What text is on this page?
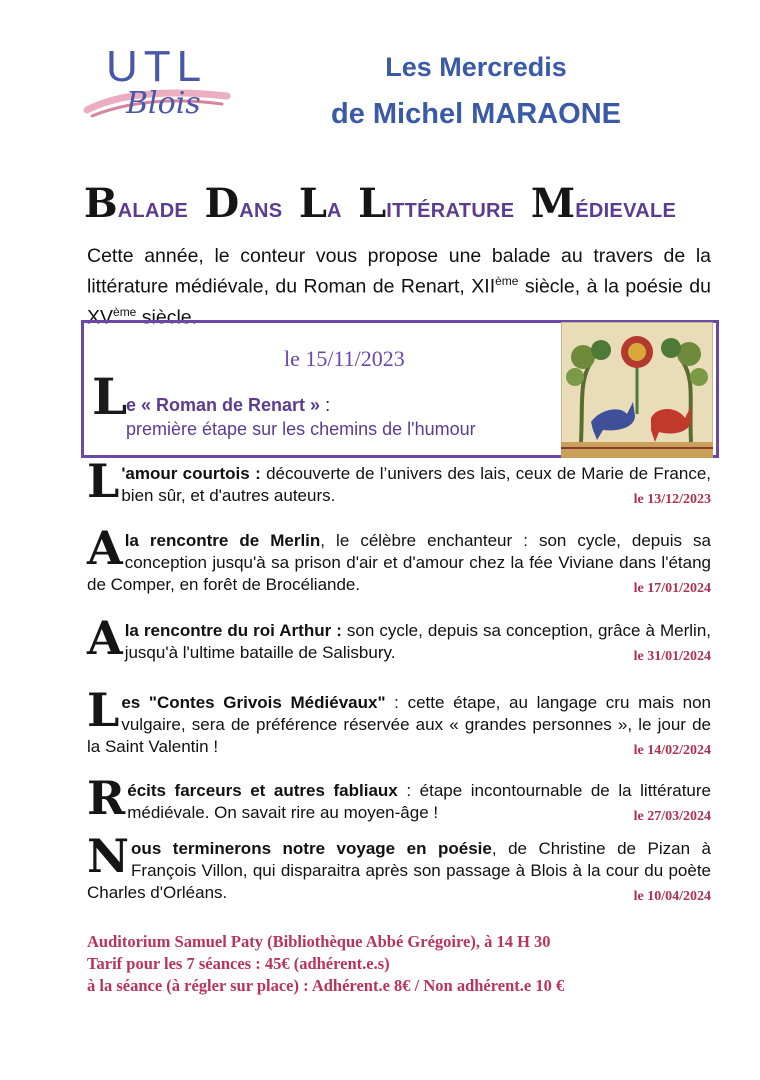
UTL
Blois
Les Mercredis
de Michel MARAONE
BALADE DANS LA LITTÉRATURE MÉDIEVALE
Cette année, le conteur vous propose une balade au travers de la littérature médiévale, du Roman de Renart, XIIème siècle, à la poésie du XVème siècle.
le 15/11/2023
L
e « Roman de Renart » :
première étape sur les chemins de l'humour
L 'amour courtois : découverte de l’univers des lais, ceux de Marie de France, bien sûr, et d'autres auteurs.	le 13/12/2023
A la rencontre de Merlin, le célèbre enchanteur : son cycle, depuis sa conception jusqu'à sa prison d'air et d'amour chez la fée Viviane dans l'étang de Comper, en forêt de Brocéliande.	le 17/01/2024
A la rencontre du roi Arthur : son cycle, depuis sa conception, grâce à Merlin, jusqu'à l'ultime bataille de Salisbury.	le 31/01/2024
Les "Contes Grivois Médiévaux" : cette étape, au langage cru mais non vulgaire, sera de préférence réservée aux « grandes personnes », le jour de la Saint Valentin !	le 14/02/2024
Récits farceurs et autres fabliaux : étape incontournable de la littérature médiévale. On savait rire au moyen-âge !	le 27/03/2024
Nous terminerons notre voyage en poésie, de Christine de Pizan à François Villon, qui disparaitra après son passage à Blois à la cour du poète Charles d'Orléans.	le 10/04/2024
Auditorium Samuel Paty (Bibliothèque Abbé Grégoire), à 14 H 30
Tarif pour les 7 séances : 45€ (adhérent.e.s)
à la séance (à régler sur place) : Adhérent.e 8€ / Non adhérent.e 10 €
